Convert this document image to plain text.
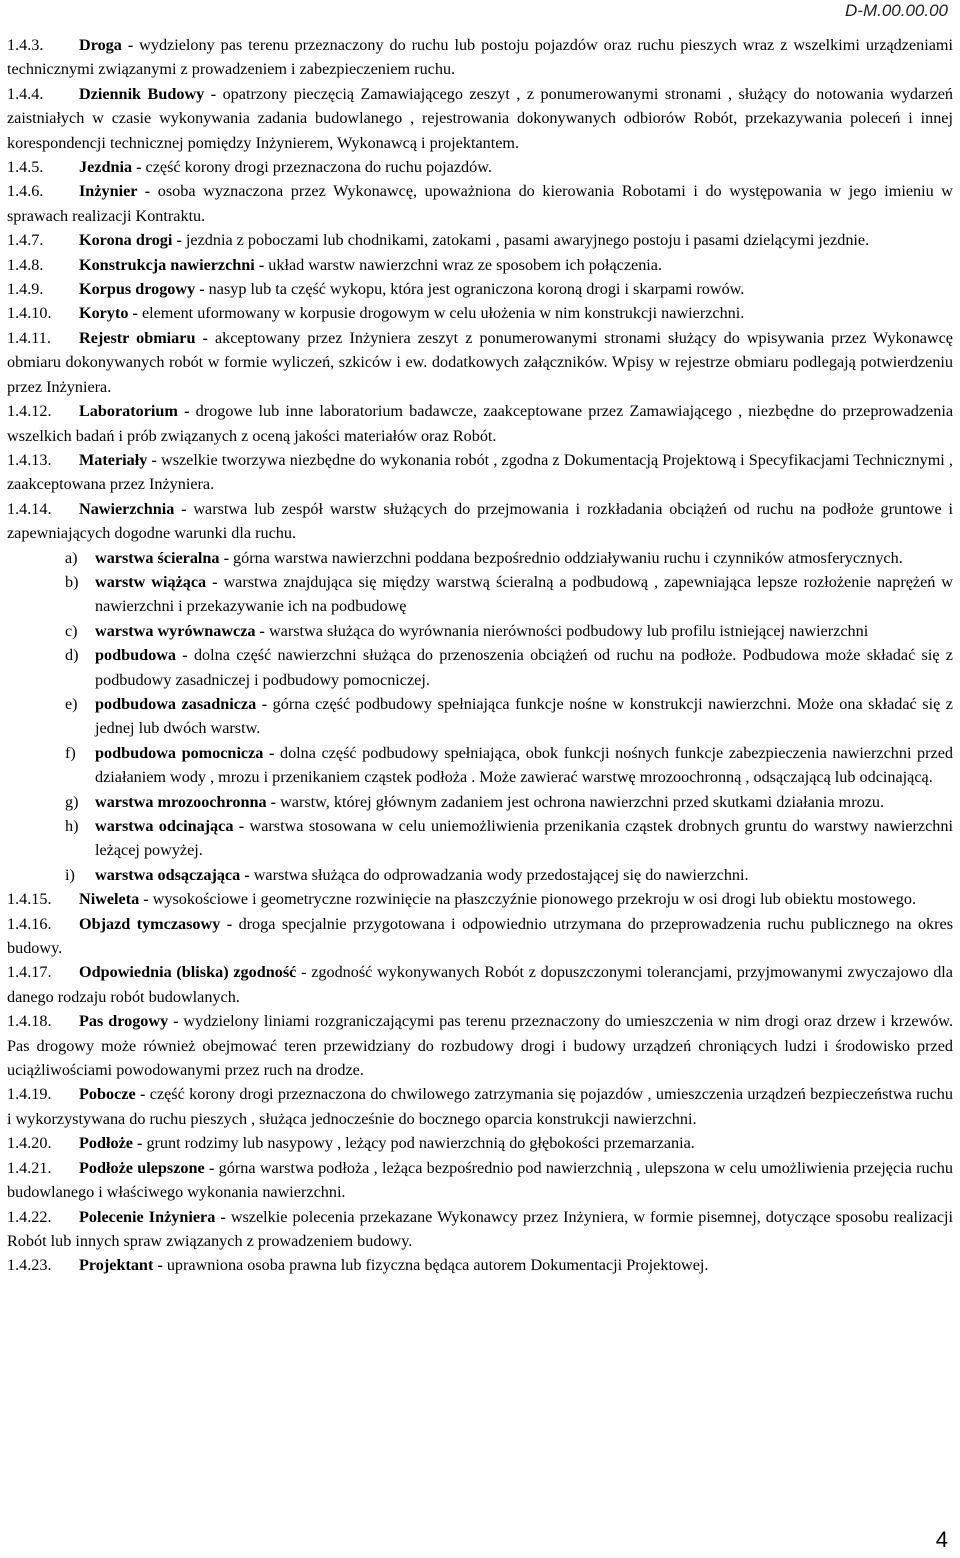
D-M.00.00.00

1.4.3. Droga - wydzielony pas terenu przeznaczony do ruchu lub postoju pojazdów oraz ruchu pieszych wraz z wszelkimi urządzeniami technicznymi związanymi z prowadzeniem i zabezpieczeniem ruchu.

1.4.4. Dziennik Budowy - opatrzony pieczęcią Zamawiającego zeszyt , z ponumerowanymi stronami , służący do notowania wydarzeń zaistniałych w czasie wykonywania zadania budowlanego , rejestrowania dokonywanych odbiorów Robót, przekazywania poleceń i innej korespondencji technicznej pomiędzy Inżynierem, Wykonawcą i projektantem.

1.4.5. Jezdnia - część korony drogi przeznaczona do ruchu pojazdów.

1.4.6. Inżynier - osoba wyznaczona przez Wykonawcę, upoważniona do kierowania Robotami i do występowania w jego imieniu w sprawach realizacji Kontraktu.

1.4.7. Korona drogi - jezdnia z poboczami lub chodnikami, zatokami , pasami awaryjnego postoju i pasami dzielącymi jezdnie.

1.4.8. Konstrukcja nawierzchni - układ warstw nawierzchni wraz ze sposobem ich połączenia.

1.4.9. Korpus drogowy - nasyp lub ta część wykopu, która jest ograniczona koroną drogi i skarpami rowów.

1.4.10. Koryto - element uformowany w korpusie drogowym w celu ułożenia w nim konstrukcji nawierzchni.

1.4.11. Rejestr obmiaru - akceptowany przez Inżyniera zeszyt z ponumerowanymi stronami służący do wpisywania przez Wykonawcę obmiaru dokonywanych robót w formie wyliczeń, szkiców i ew. dodatkowych załączników. Wpisy w rejestrze obmiaru podlegają potwierdzeniu przez Inżyniera.

1.4.12. Laboratorium - drogowe lub inne laboratorium badawcze, zaakceptowane przez Zamawiającego , niezbędne do przeprowadzenia wszelkich badań i prób związanych z oceną jakości materiałów oraz Robót.

1.4.13. Materiały - wszelkie tworzywa niezbędne do wykonania robót , zgodna z Dokumentacją Projektową i Specyfikacjami Technicznymi , zaakceptowana przez Inżyniera.

1.4.14. Nawierzchnia - warstwa lub zespół warstw służących do przejmowania i rozkładania obciążeń od ruchu na podłoże gruntowe i zapewniających dogodne warunki dla ruchu.

a) warstwa ścieralna - górna warstwa nawierzchni poddana bezpośrednio oddziaływaniu ruchu i czynników atmosferycznych.

b) warstw wiążąca - warstwa znajdująca się między warstwą ścieralną a podbudową , zapewniająca lepsze rozłożenie naprężeń w nawierzchni i przekazywanie ich na podbudowę

c) warstwa wyrównawcza - warstwa służąca do wyrównania nierówności podbudowy lub profilu istniejącej nawierzchni

d) podbudowa - dolna część nawierzchni służąca do przenoszenia obciążeń od ruchu na podłoże. Podbudowa może składać się z podbudowy zasadniczej i podbudowy pomocniczej.

e) podbudowa zasadnicza - górna część podbudowy spełniająca funkcje nośne w konstrukcji nawierzchni. Może ona składać się z jednej lub dwóch warstw.

f) podbudowa pomocnicza - dolna część podbudowy spełniająca, obok funkcji nośnych funkcje zabezpieczenia nawierzchni przed działaniem wody , mrozu i przenikaniem cząstek podłoża . Może zawierać warstwę mrozoochronną , odsączającą lub odcinającą.

g) warstwa mrozoochronna - warstw, której głównym zadaniem jest ochrona nawierzchni przed skutkami działania mrozu.

h) warstwa odcinająca - warstwa stosowana w celu uniemożliwienia przenikania cząstek drobnych gruntu do warstwy nawierzchni leżącej powyżej.

i) warstwa odsączająca - warstwa służąca do odprowadzania wody przedostającej się do nawierzchni.

1.4.15. Niweleta - wysokościowe i geometryczne rozwinięcie na płaszczyźnie pionowego przekroju w osi drogi lub obiektu mostowego.

1.4.16. Objazd tymczasowy - droga specjalnie przygotowana i odpowiednio utrzymana do przeprowadzenia ruchu publicznego na okres budowy.

1.4.17. Odpowiednia (bliska) zgodność - zgodność wykonywanych Robót z dopuszczonymi tolerancjami, przyjmowanymi zwyczajowo dla danego rodzaju robót budowlanych.

1.4.18. Pas drogowy - wydzielony liniami rozgraniczającymi pas terenu przeznaczony do umieszczenia w nim drogi oraz drzew i krzewów. Pas drogowy może również obejmować teren przewidziany do rozbudowy drogi i budowy urządzeń chroniących ludzi i środowisko przed uciążliwościami powodowanymi przez ruch na drodze.

1.4.19. Pobocze - część korony drogi przeznaczona do chwilowego zatrzymania się pojazdów , umieszczenia urządzeń bezpieczeństwa ruchu i wykorzystywana do ruchu pieszych , służąca jednocześnie do bocznego oparcia konstrukcji nawierzchni.

1.4.20. Podłoże - grunt rodzimy lub nasypowy , leżący pod nawierzchnią do głębokości przemarzania.

1.4.21. Podłoże ulepszone - górna warstwa podłoża , leżąca bezpośrednio pod nawierzchnią , ulepszona w celu umożliwienia przejęcia ruchu budowlanego i właściwego wykonania nawierzchni.

1.4.22. Polecenie Inżyniera - wszelkie polecenia przekazane Wykonawcy przez Inżyniera, w formie pisemnej, dotyczące sposobu realizacji Robót lub innych spraw związanych z prowadzeniem budowy.

1.4.23. Projektant - uprawniona osoba prawna lub fizyczna będąca autorem Dokumentacji Projektowej.

4
